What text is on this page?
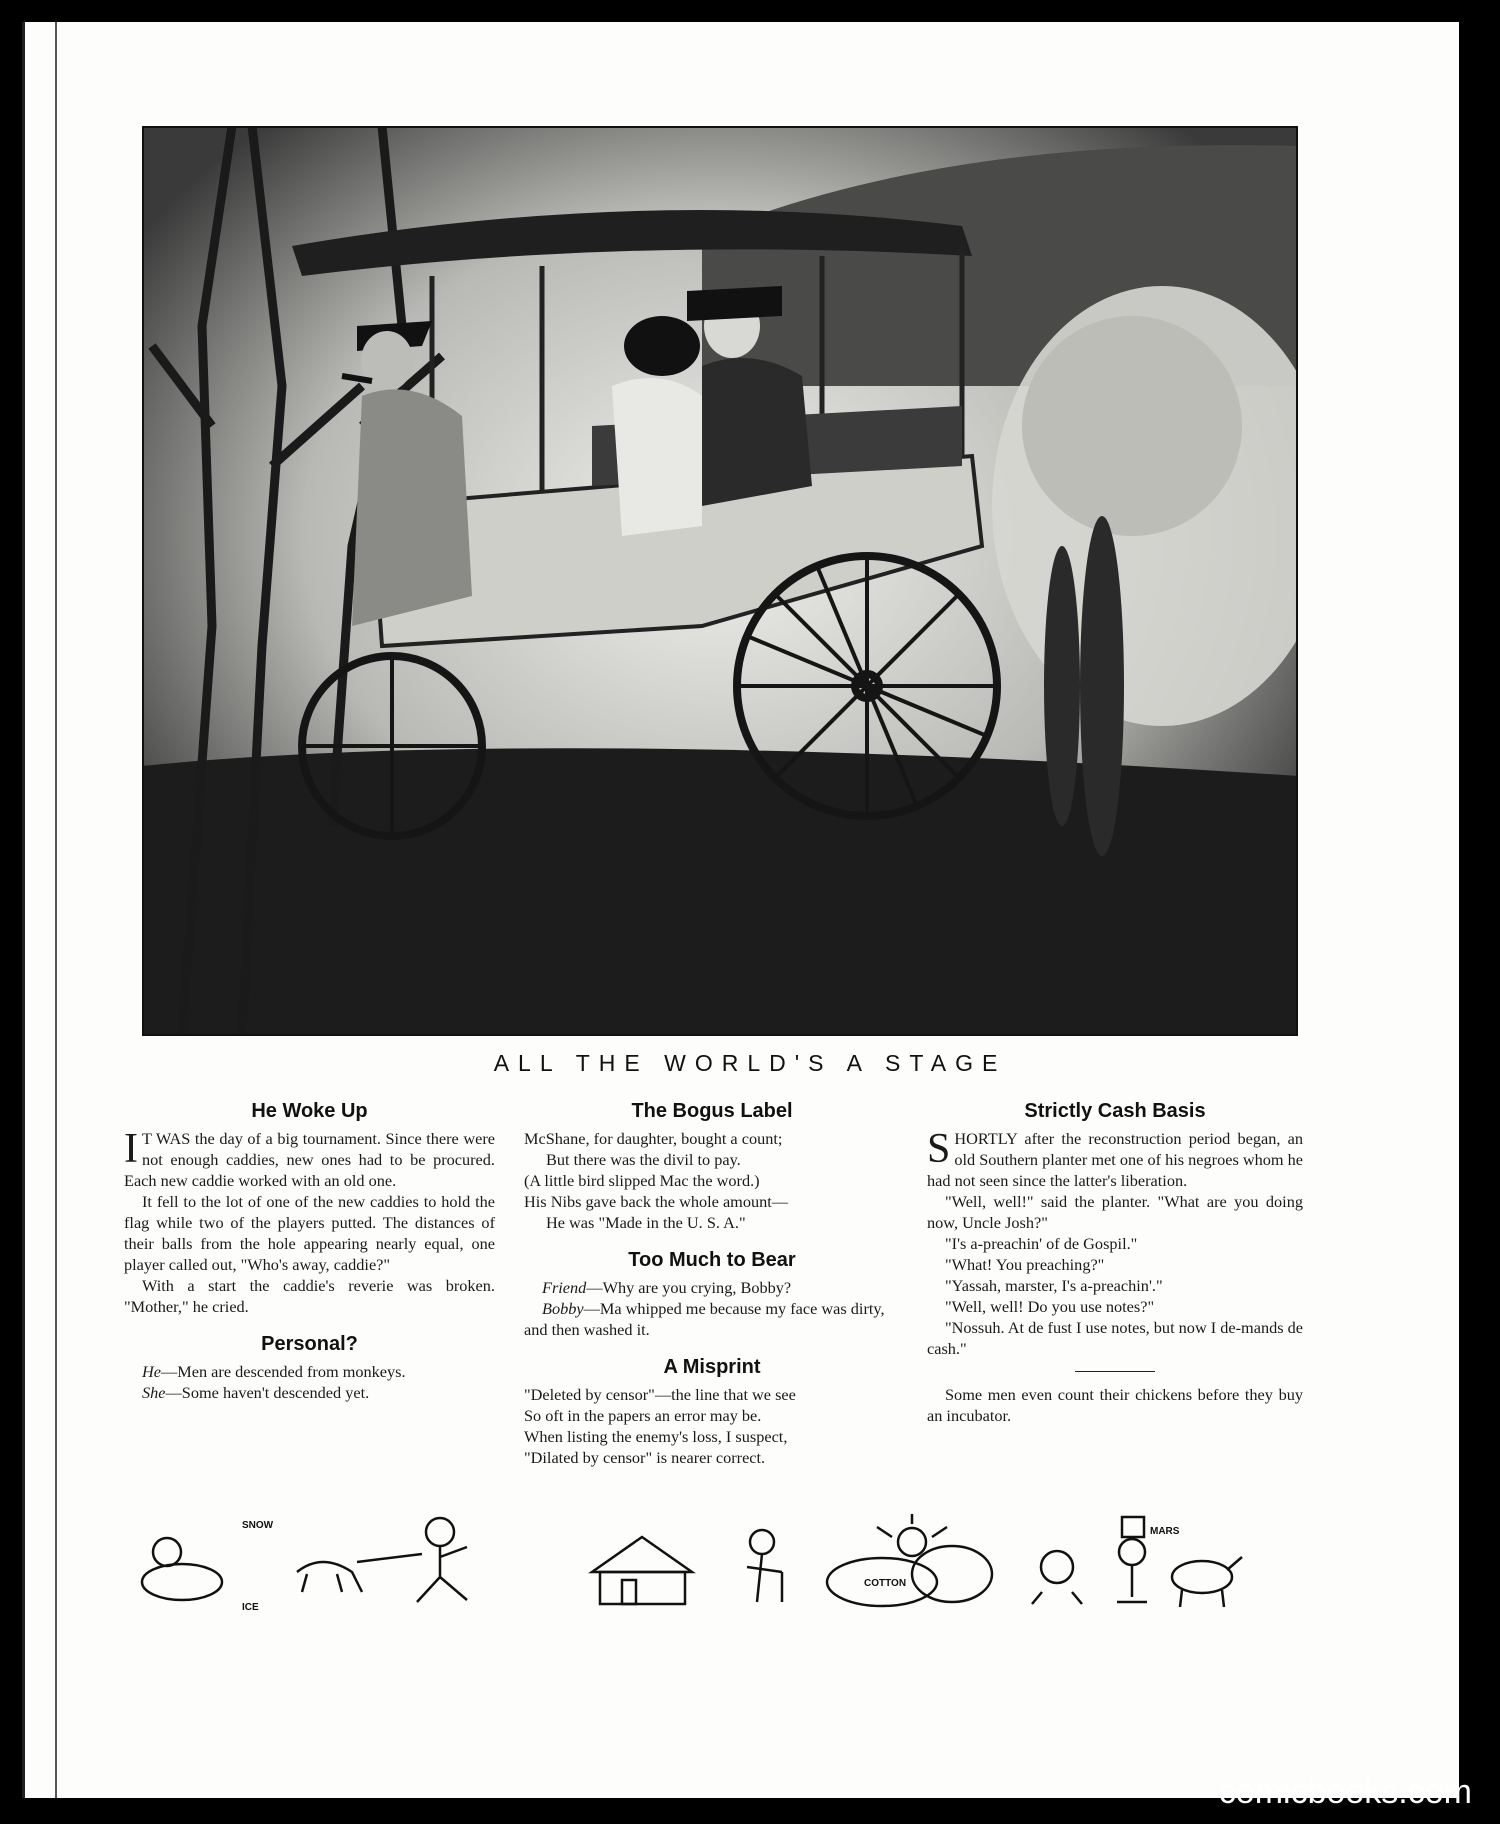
ALL THE WORLD'S A STAGE
He Woke Up

I T WAS the day of a big tournament. Since there were not enough caddies, new ones had to be procured. Each new caddie worked with an old one.

It fell to the lot of one of the new caddies to hold the flag while two of the players putted. The distances of their balls from the hole appearing nearly equal, one player called out, "Who's away, caddie?"

With a start the caddie's reverie was broken. "Mother," he cried.

Personal?

He—Men are descended from monkeys.

She—Some haven't descended yet.

The Bogus Label

McShane, for daughter, bought a count;

But there was the divil to pay.

(A little bird slipped Mac the word.)

His Nibs gave back the whole amount—

He was "Made in the U. S. A."

Too Much to Bear

Friend—Why are you crying, Bobby?

Bobby—Ma whipped me because my face was dirty, and then washed it.

A Misprint

"Deleted by censor"—the line that we see

So oft in the papers an error may be.

When listing the enemy's loss, I suspect,

"Dilated by censor" is nearer correct.

Strictly Cash Basis

SHORTLY after the reconstruction period began, an old Southern planter met one of his negroes whom he had not seen since the latter's liberation.

"Well, well!" said the planter. "What are you doing now, Uncle Josh?"

"I's a-preachin' of de Gospil."

"What! You preaching?"

"Yassah, marster, I's a-preachin'."

"Well, well! Do you use notes?"

"Nossuh. At de fust I use notes, but now I de-mands de cash."

Some men even count their chickens before they buy an incubator.

SNOW
ICE
COTTON
MARS
comicbooks.com
